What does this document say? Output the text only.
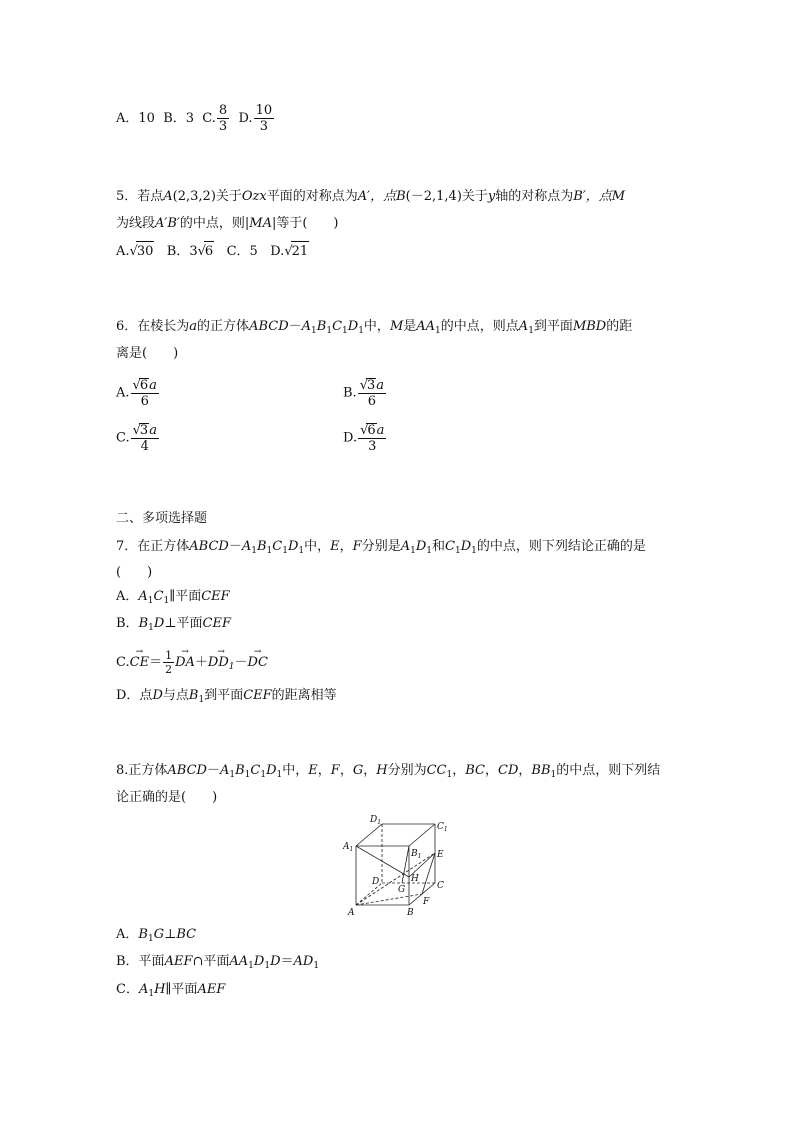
A．10 B．3 C. $\frac{8}{3} D$. $\frac{10}{3}$
5．若点A(2,3,2)关于Ozx平面的对称点为A′，点B(－2,1,4)关于y轴的对称点为B′，点M
为线段A′B′的中点，则|MA|等于(　　)
A.√30 B．3√6 C．5 D.√21
6．在棱长为a的正方体$ABCD-A_1B_1C_1D_1$中，M是$AA_1$的中点，则点$A_1$到平面MBD的距
离是(　　)
A. $\frac{√6a}{6}$	B. $\frac{√3a}{6}$
C. $\frac{√3a}{4}$	D. $\frac{√6a}{3}$
二、多项选择题
7．在正方体$ABCD-A_1B_1C_1D_1$中，E，F分别是$A_1D_1$和$C_1D_1$的中点，则下列结论正确的是
(　　)
A．$A_1C_1\parallel$平面CEF
B．$B_1D\perp$平面CEF
$C.\to CE= \frac{1}{2}$
→ $DA+\to DD_1-\to$ DC
D．点D与点$B_1$到平面CEF的距离相等
8.正方体$ABCD-A_1B_1C_1D_1$中，E，F，G，H分别为$CC_1$，BC，CD，$BB_1$的中点，则下列结
论正确的是(　　)
$D_1$	$C_1$
$A_1$	$B_1$ E
D	H
G	C
A	B
F
A．$B_1G\perp BC$
B．平面AEF∩平面$AA_1D_1D=AD_1$
C．$A_1H\parallel$平面AEF
